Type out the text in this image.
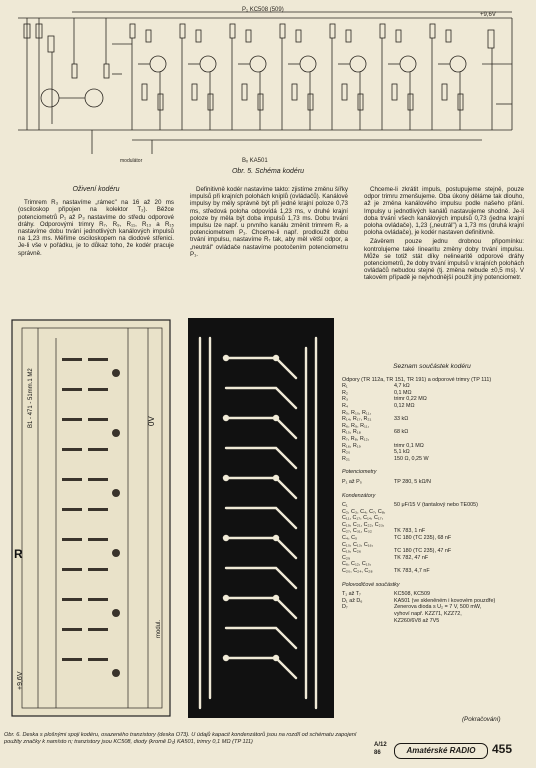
P₁ KC508 (509)
+9,6V
Bₓ KA501
modulátor
Obr. 5. Schéma kodéru
Oživení kodéru

Trimrem R₃ nastavíme „rámec" na 16 až 20 ms (osciloskop připojen na kolektor T₂). Běžce potenciometrů P₁ až P₃ nastavíme do středu odporové dráhy. Odporovými trimry R₇, R₉, R₁₁, R₁₃ a R₁₅ nastavíme dobu trvání jednotlivých kanálových impulsů na 1,23 ms. Měříme osciloskopem na diodové střenici. Je-li vše v pořádku, je to důkaz toho, že kodér pracuje správně.

Definitivně kodér nastavíme takto: zjistíme změnu šířky impulsů při krajních polohách kniplů (ovládačů). Kanálové impulsy by měly správně být při jedné krajní poloze 0,73 ms, středová poloha odpovídá 1,23 ms, v druhé krajní poloze by měla být doba impulsů 1,73 ms. Dobu trvání impulsu lze např. u prvního kanálu změnit trimrem R₇ a potenciometrem P₁. Chceme-li např. prodloužit dobu trvání impulsu, nastavíme R₇ tak, aby měl větší odpor, a „neutrál" ovládače nastavíme pootočením potenciometru P₁.

Chceme-li zkrátit impuls, postupujeme stejně, pouze odpor trimru zmenšujeme. Oba úkony děláme tak dlouho, až je změna kanálového impulsu podle našeho přání. Impulsy u jednotlivých kanálů nastavujeme shodně. Je-li doba trvání všech kanálových impulsů 0,73 (jedna krajní poloha ovládače), 1,23 („neutrál") a 1,73 ms (druhá krajní poloha ovládače), je kodér nastaven definitivně.

Závěrem pouze jednu drobnou připomínku: kontrolujeme také linearitu změny doby trvání impulsu. Může se totiž stát díky nelinearitě odporové dráhy potenciometrů, že doby trvání impulsů v krajních polohách ovládačů nebudou stejné (tj. změna nebude ±0,5 ms). V takovém případě je nejvhodnější použít jiný potenciometr.

R
0V
+9,6V
modul.
B1 - 471 - 51mm.1 M2
Seznam součástek kodéru
Odpory (TR 112a, TR 151, TR 191) a odporové trimry (TP 111)
R₁	4,7 kΩ
R₂	0,1 MΩ
R₃	trimr 0,22 MΩ
R₄	0,12 MΩ
R₅, R₁₀, R₁₁,
R₁₄, R₁₇, R₂₁	33 kΩ
R₆, R₉, R₁₁,
R₁₅, R₁₈	68 kΩ
R₇, R₈, R₁₂,
R₁₆, R₁₉	trimr 0,1 MΩ
R₂₀	5,1 kΩ
R₂₁	150 Ω, 0,25 W
Potenciometry
P₁ až P₅	TP 280, 5 kΩ/N
Kondenzátory
C₁	50 μF/15 V (tantalový nebo TE005)
C₂, C₃, C₄, C₇, C₈,
C₁₁, C₁₇, C₁₄, C₁₇,
C₁₉, C₂₁, C₂₂, C₂₃,
C₂₇, C₃₁, C₃₂	TK 783, 1 nF
C₄, C₅	TC 180 (TC 235), 68 nF
C₁₀, C₁₃, C₁₆,
C₁₉, C₂₆	TC 180 (TC 235), 47 nF
C₂₉	TK 782, 47 nF
C₆, C₁₂, C₁₅,
C₂₀, C₂₄, C₂₈	TK 783, 4,7 nF
Polovodičové součástky
T₁ až T₇	KC508, KC509
D₁ až D₆	KA501 (ve skleněném i kovovém pouzdře)
D₇	Zenerova dioda s U₂ = 7 V, 500 mW,
vyhoví např. KZZ71, KZZ72,
KZ260/6V8 až 7V5
(Pokračování)
Obr. 6. Deska s plošnými spoji kodéru, osazeného tranzistory (deska O73). U údajů kapacit kondenzátorů jsou na rozdíl od schématu zapojení použity značky k namísto n; tranzistory jsou KC508, diody (kromě D₇) KA501, trimry 0,1 MΩ (TP 111)
A/12
86	Amatérské RADIO	455
